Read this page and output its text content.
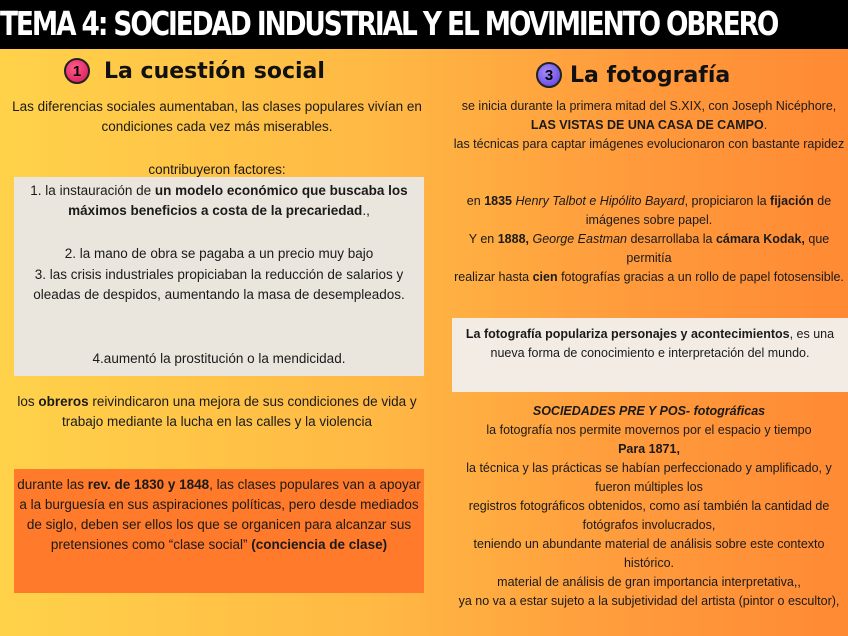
TEMA 4: SOCIEDAD INDUSTRIAL Y EL MOVIMIENTO OBRERO
1	La cuestión social
Las diferencias sociales aumentaban, las clases populares vivían en condiciones cada vez más miserables.
contribuyeron factores:
1. la instauración de un modelo económico que buscaba los máximos beneficios a costa de la precariedad.,
2. la mano de obra se pagaba a un precio muy bajo
3. las crisis industriales propiciaban la reducción de salarios y oleadas de despidos, aumentando la masa de desempleados.
4.aumentó la prostitución o la mendicidad.
los obreros reivindicaron una mejora de sus condiciones de vida y trabajo mediante la lucha en las calles y la violencia
durante las rev. de 1830 y 1848, las clases populares van a apoyar a la burguesía en sus aspiraciones políticas, pero desde mediados de siglo, deben ser ellos los que se organicen para alcanzar sus pretensiones como “clase social” (conciencia de clase)
3 La fotografía
se inicia durante la primera mitad del S.XIX, con Joseph Nicéphore, LAS VISTAS DE UNA CASA DE CAMPO.
las técnicas para captar imágenes evolucionaron con bastante rapidez
en 1835 Henry Talbot e Hipólito Bayard, propiciaron la fijación de imágenes sobre papel.
Y en 1888, George Eastman desarrollaba la cámara Kodak, que permitía
realizar hasta cien fotografías gracias a un rollo de papel fotosensible.
La fotografía populariza personajes y acontecimientos, es una nueva forma de conocimiento e interpretación del mundo.
SOCIEDADES PRE Y POS- fotográficas
la fotografía nos permite movernos por el espacio y tiempo
Para 1871,
la técnica y las prácticas se habían perfeccionado y amplificado, y fueron múltiples los
registros fotográficos obtenidos, como así también la cantidad de fotógrafos involucrados,
teniendo un abundante material de análisis sobre este contexto histórico.
material de análisis de gran importancia interpretativa,,
ya no va a estar sujeto a la subjetividad del artista (pintor o escultor),
